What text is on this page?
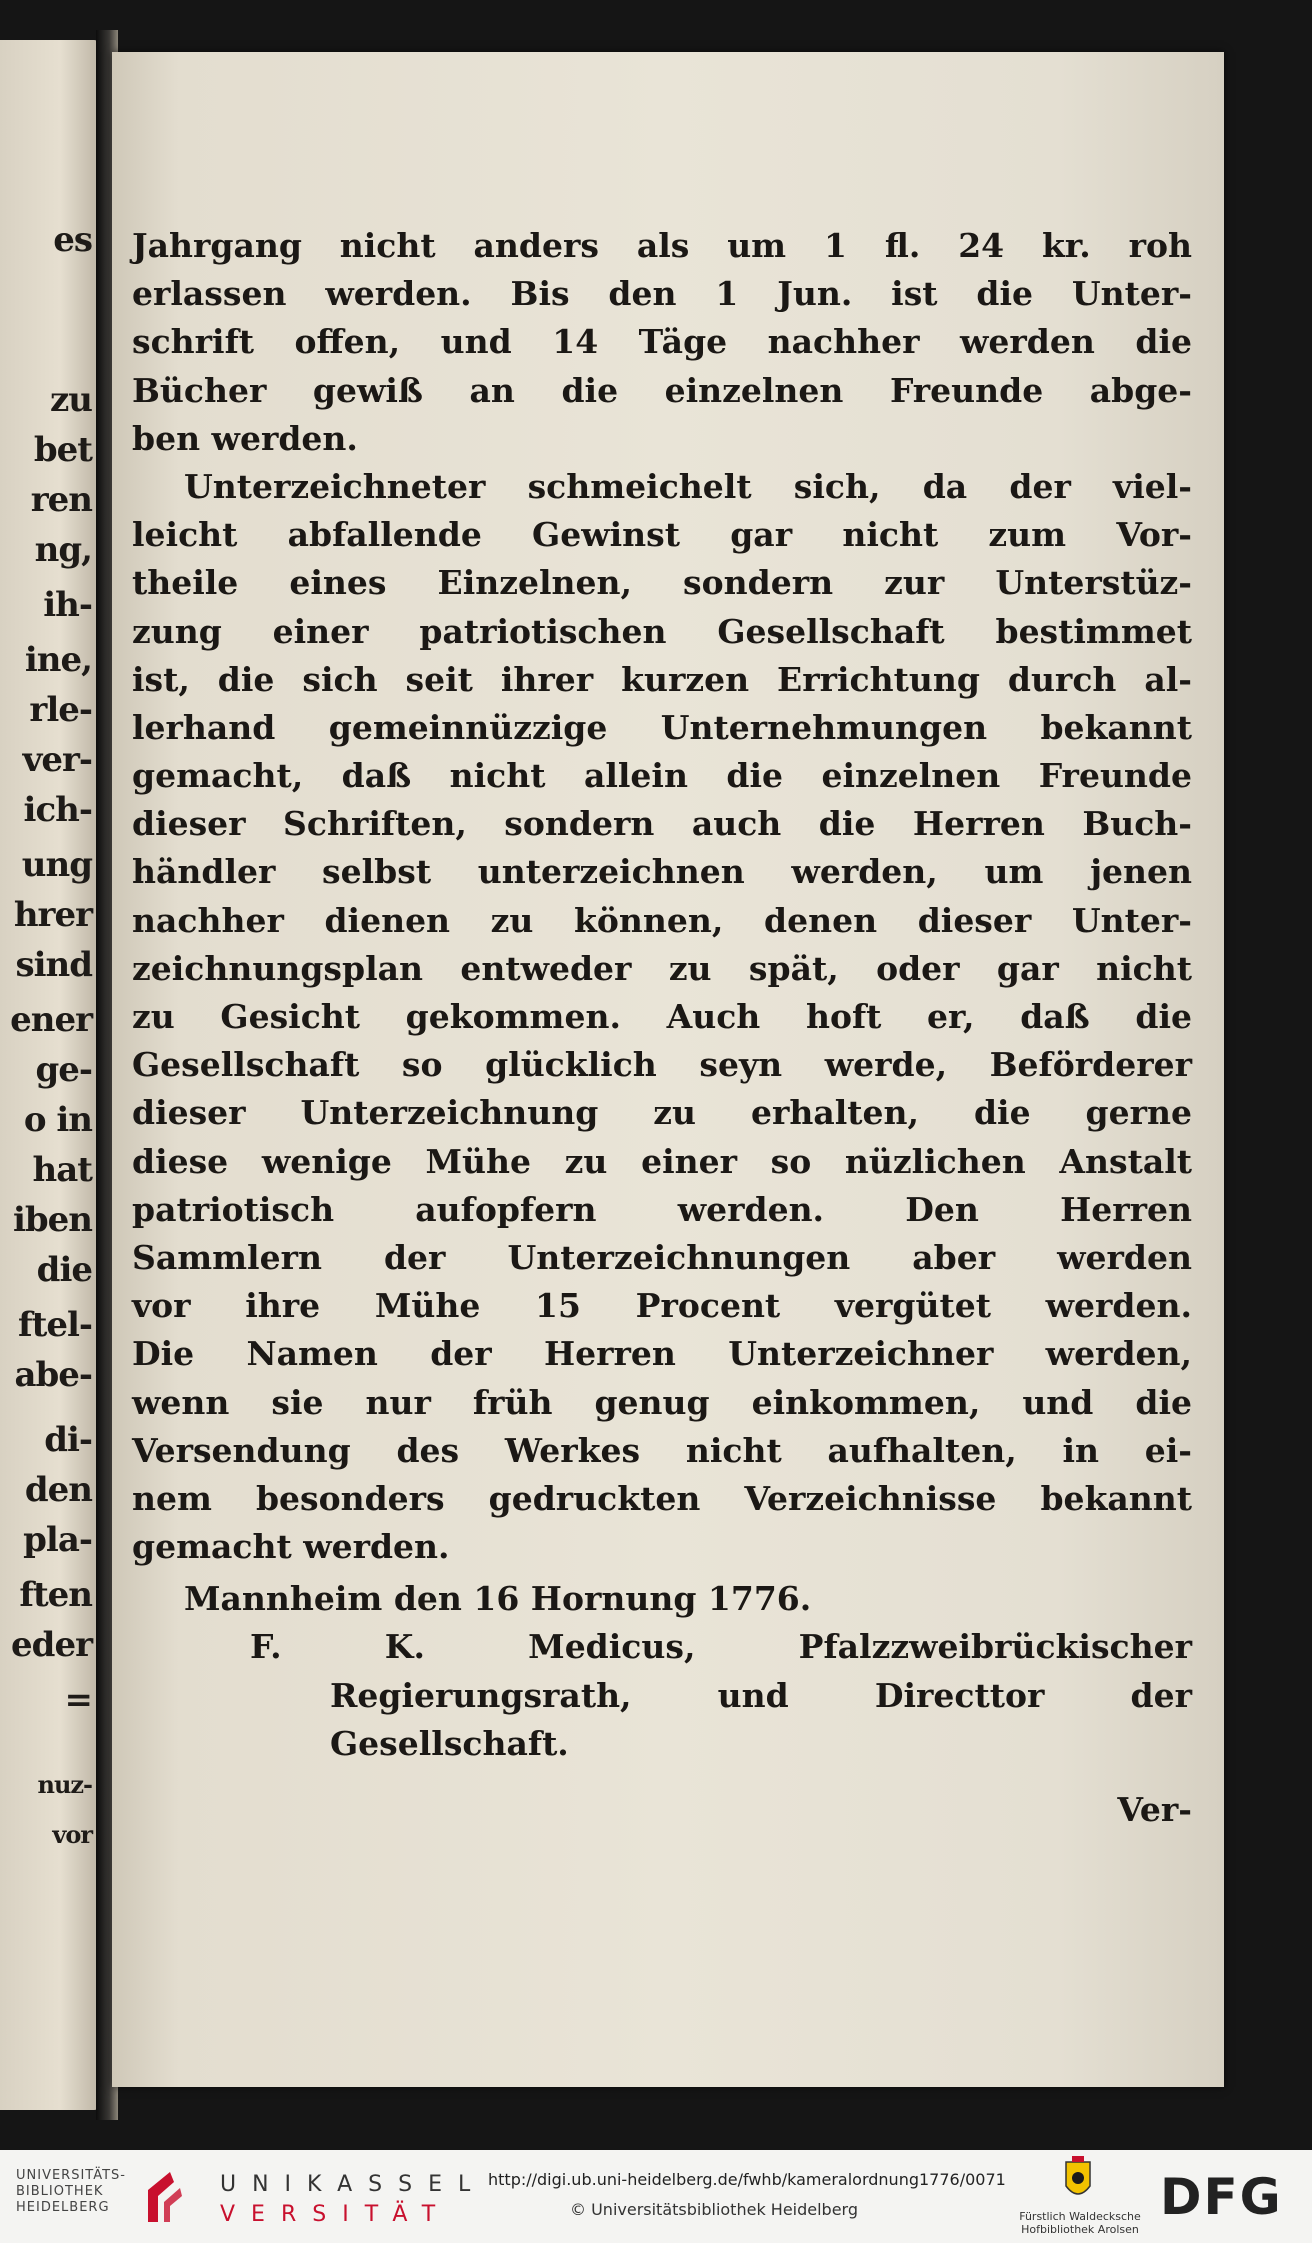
es
zu
bet
ren
ng,
ih-
ine,
rle-
ver-
ich-
ung
hrer
sind
ener
ge-
o in
hat
iben
die
ftel-
abe-
di-
den
pla-
ften
eder
=
nuz-
vor
Jahrgang nicht anders als um 1 fl. 24 kr. roh
erlassen werden. Bis den 1 Jun. ist die Unter-
schrift offen, und 14 Täge nachher werden die
Bücher gewiß an die einzelnen Freunde abge-
ben werden.
Unterzeichneter schmeichelt sich, da der viel-
leicht abfallende Gewinst gar nicht zum Vor-
theile eines Einzelnen, sondern zur Unterstüz-
zung einer patriotischen Gesellschaft bestimmet
ist, die sich seit ihrer kurzen Errichtung durch al-
lerhand gemeinnüzzige Unternehmungen bekannt
gemacht, daß nicht allein die einzelnen Freunde
dieser Schriften, sondern auch die Herren Buch-
händler selbst unterzeichnen werden, um jenen
nachher dienen zu können, denen dieser Unter-
zeichnungsplan entweder zu spät, oder gar nicht
zu Gesicht gekommen. Auch hoft er, daß die
Gesellschaft so glücklich seyn werde, Beförderer
dieser Unterzeichnung zu erhalten, die gerne
diese wenige Mühe zu einer so nüzlichen Anstalt
patriotisch aufopfern werden. Den Herren
Sammlern der Unterzeichnungen aber werden
vor ihre Mühe 15 Procent vergütet werden.
Die Namen der Herren Unterzeichner werden,
wenn sie nur früh genug einkommen, und die
Versendung des Werkes nicht aufhalten, in ei-
nem besonders gedruckten Verzeichnisse bekannt
gemacht werden.
Mannheim den 16 Hornung 1776.
F. K. Medicus, Pfalzzweibrückischer
Regierungsrath, und Directtor der
Gesellschaft.
Ver-
UNIVERSITÄTS-
BIBLIOTHEK
HEIDELBERG
UNIKASSEL
VERSITÄT
http://digi.ub.uni-heidelberg.de/fwhb/kameralordnung1776/0071
© Universitätsbibliothek Heidelberg	Fürstlich Waldecksche
Hofbibliothek Arolsen
DFG
